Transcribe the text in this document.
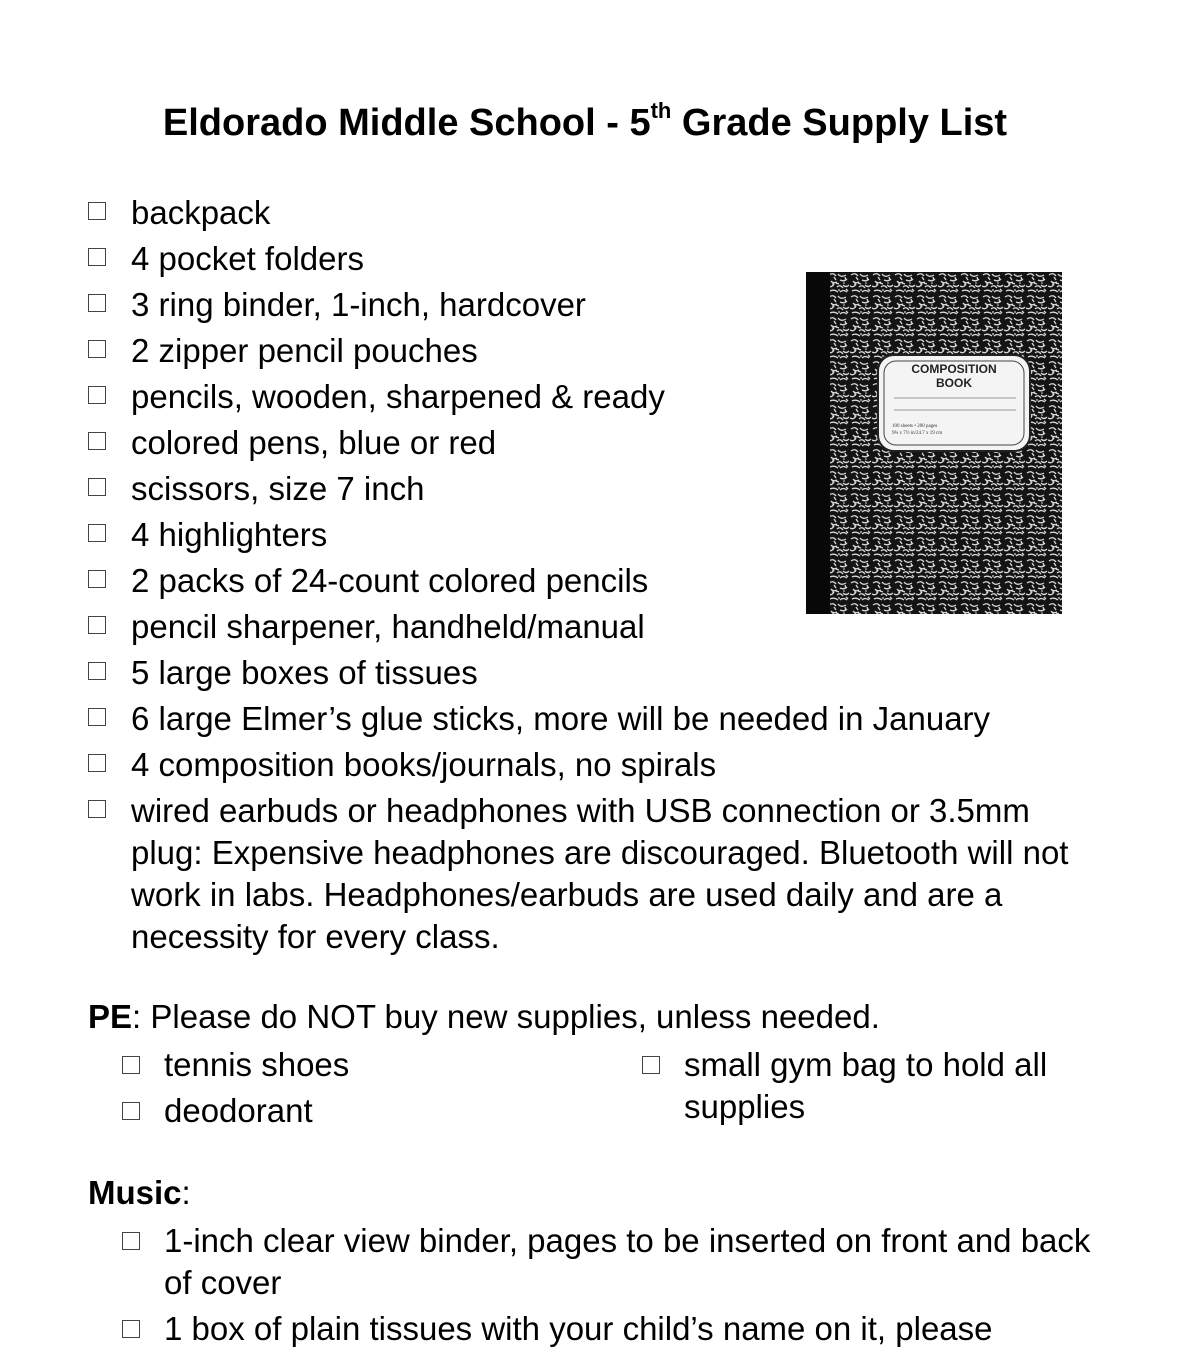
Eldorado Middle School - 5th Grade Supply List
backpack
4 pocket folders
3 ring binder, 1-inch, hardcover
2 zipper pencil pouches
pencils, wooden, sharpened & ready
colored pens, blue or red
scissors, size 7 inch
4 highlighters
2 packs of 24-count colored pencils
pencil sharpener, handheld/manual
5 large boxes of tissues
6 large Elmer’s glue sticks, more will be needed in January
4 composition books/journals, no spirals
wired earbuds or headphones with USB connection or 3.5mm plug: Expensive headphones are discouraged. Bluetooth will not work in labs. Headphones/earbuds are used daily and are a necessity for every class.
COMPOSITION
BOOK
100 sheets • 200 pages
9¾ x 7½ in/24.7 x 19 cm
PE: Please do NOT buy new supplies, unless needed.
tennis shoes
deodorant
small gym bag to hold all supplies
Music:
1-inch clear view binder, pages to be inserted on front and back of cover
1 box of plain tissues with your child’s name on it, please
